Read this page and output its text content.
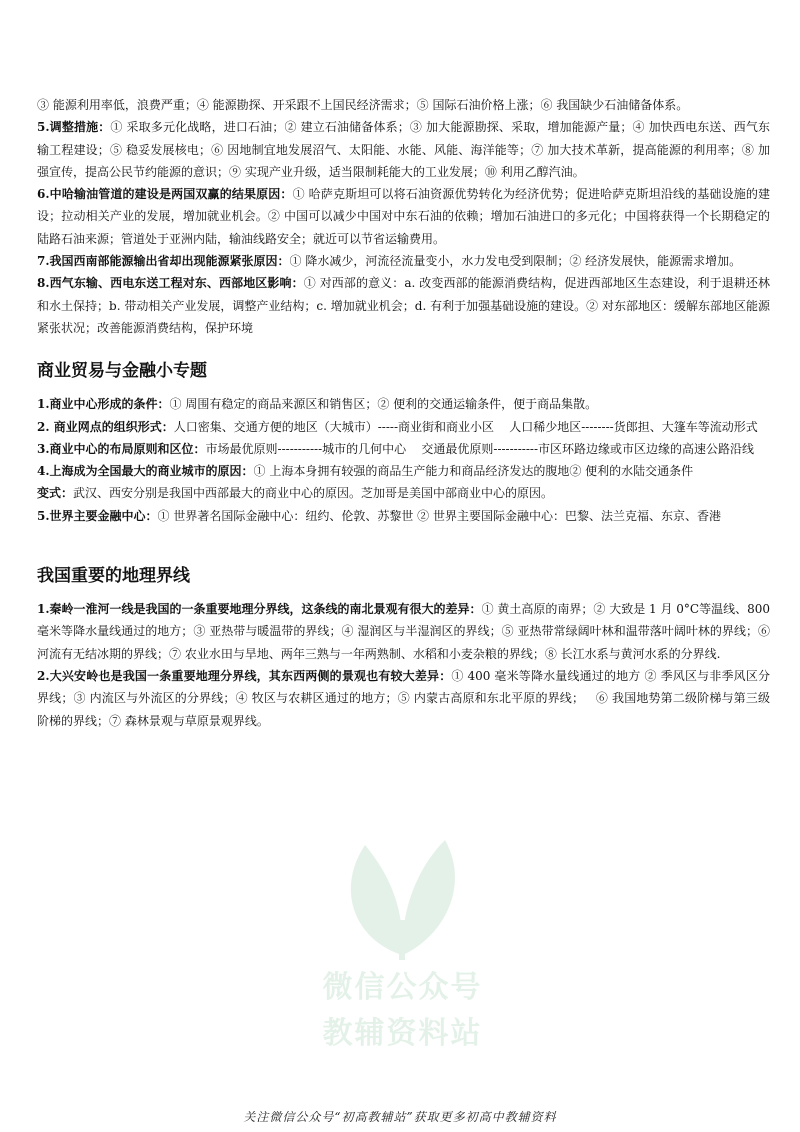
③ 能源利用率低，浪费严重；④ 能源勘探、开采跟不上国民经济需求；⑤ 国际石油价格上涨；⑥ 我国缺少石油储备体系。

5.调整措施：① 采取多元化战略，进口石油；② 建立石油储备体系；③ 加大能源勘探、采取，增加能源产量；④ 加快西电东送、西气东输工程建设；⑤ 稳妥发展核电；⑥ 因地制宜地发展沼气、太阳能、水能、风能、海洋能等；⑦ 加大技术革新，提高能源的利用率；⑧ 加强宣传，提高公民节约能源的意识；⑨ 实现产业升级，适当限制耗能大的工业发展；⑩ 利用乙醇汽油。

6.中哈输油管道的建设是两国双赢的结果原因：① 哈萨克斯坦可以将石油资源优势转化为经济优势；促进哈萨克斯坦沿线的基础设施的建设；拉动相关产业的发展，增加就业机会。② 中国可以减少中国对中东石油的依赖；增加石油进口的多元化；中国将获得一个长期稳定的陆路石油来源；管道处于亚洲内陆，输油线路安全；就近可以节省运输费用。

7.我国西南部能源输出省却出现能源紧张原因：① 降水减少，河流径流量变小，水力发电受到限制；② 经济发展快，能源需求增加。

8.西气东输、西电东送工程对东、西部地区影响：① 对西部的意义：a. 改变西部的能源消费结构，促进西部地区生态建设，利于退耕还林和水土保持；b. 带动相关产业发展，调整产业结构；c. 增加就业机会；d. 有利于加强基础设施的建设。② 对东部地区：缓解东部地区能源紧张状况；改善能源消费结构，保护环境

商业贸易与金融小专题

1.商业中心形成的条件：① 周围有稳定的商品来源区和销售区；② 便利的交通运输条件，便于商品集散。

2. 商业网点的组织形式：人口密集、交通方便的地区（大城市）-----商业街和商业小区    人口稀少地区--------货郎担、大篷车等流动形式

3.商业中心的布局原则和区位：市场最优原则-----------城市的几何中心    交通最优原则-----------市区环路边缘或市区边缘的高速公路沿线

4.上海成为全国最大的商业城市的原因：① 上海本身拥有较强的商品生产能力和商品经济发达的腹地② 便利的水陆交通条件

变式：武汉、西安分别是我国中西部最大的商业中心的原因。芝加哥是美国中部商业中心的原因。

5.世界主要金融中心：① 世界著名国际金融中心：纽约、伦敦、苏黎世 ② 世界主要国际金融中心：巴黎、法兰克福、东京、香港

我国重要的地理界线

1.秦岭一淮河一线是我国的一条重要地理分界线，这条线的南北景观有很大的差异：① 黄土高原的南界；② 大致是 1 月 0°C等温线、800 毫米等降水量线通过的地方；③ 亚热带与暖温带的界线；④ 湿润区与半湿润区的界线；⑤ 亚热带常绿阔叶林和温带落叶阔叶林的界线；⑥ 河流有无结冰期的界线；⑦ 农业水田与旱地、两年三熟与一年两熟制、水稻和小麦杂粮的界线；⑧ 长江水系与黄河水系的分界线.

2.大兴安岭也是我国一条重要地理分界线，其东西两侧的景观也有较大差异：① 400 毫米等降水量线通过的地方 ② 季风区与非季风区分界线；③ 内流区与外流区的分界线；④ 牧区与农耕区通过的地方；⑤ 内蒙古高原和东北平原的界线；   ⑥ 我国地势第二级阶梯与第三级阶梯的界线；⑦ 森林景观与草原景观界线。

微信公众号
教辅资料站
关注微信公众号“初高教辅站”获取更多初高中教辅资料
